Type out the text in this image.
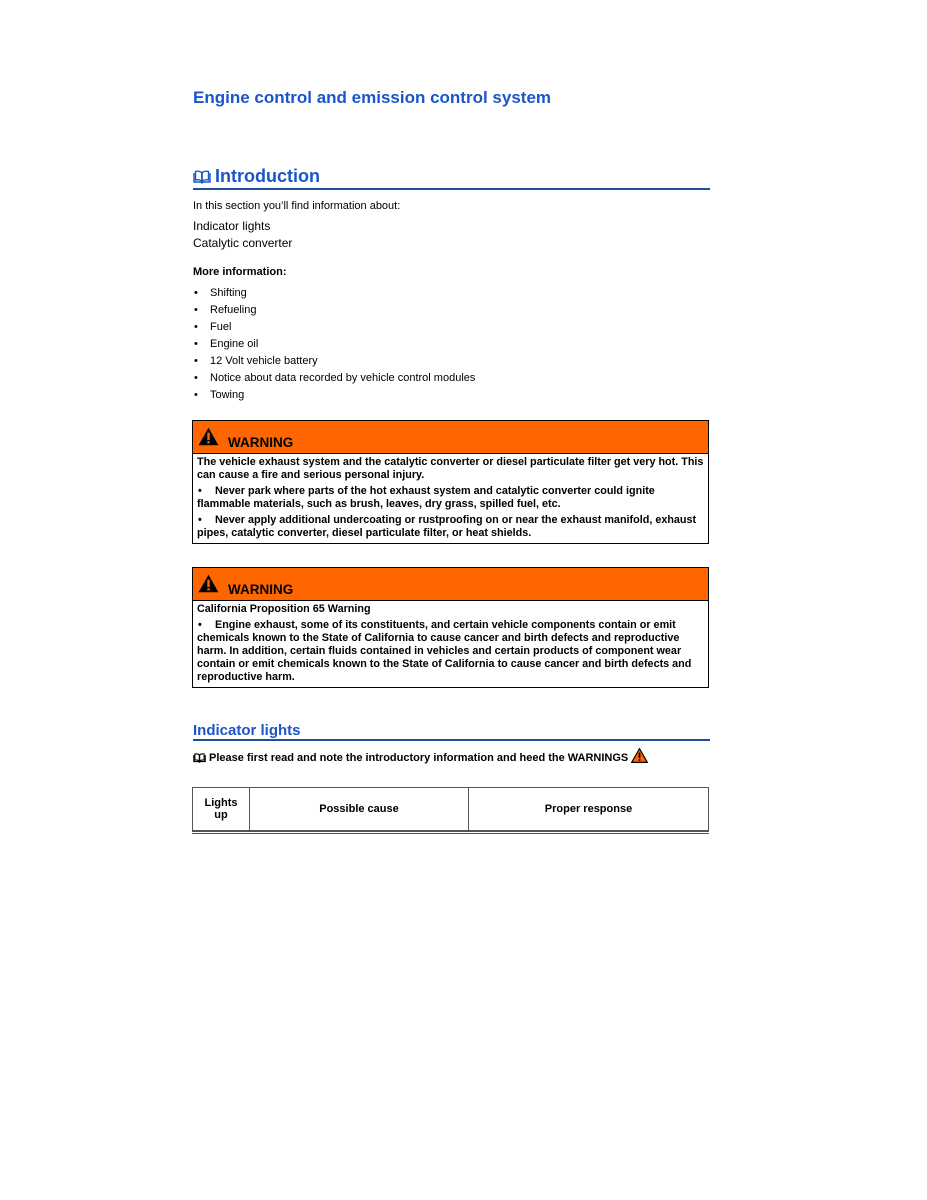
Engine control and emission control system
Introduction

In this section you’ll find information about:

Indicator lights

Catalytic converter

More information:

• Shifting
• Refueling
• Fuel
• Engine oil
• 12 Volt vehicle battery
• Notice about data recorded by vehicle control modules
• Towing
WARNING

The vehicle exhaust system and the catalytic converter or diesel particulate filter get very hot. This can cause a fire and serious personal injury.

• Never park where parts of the hot exhaust system and catalytic converter could ignite flammable materials, such as brush, leaves, dry grass, spilled fuel, etc.

• Never apply additional undercoating or rustproofing on or near the exhaust manifold, exhaust pipes, catalytic converter, diesel particulate filter, or heat shields.

WARNING

California Proposition 65 Warning

• Engine exhaust, some of its constituents, and certain vehicle components contain or emit chemicals known to the State of California to cause cancer and birth defects and reproductive harm. In addition, certain fluids contained in vehicles and certain products of component wear contain or emit chemicals known to the State of California to cause cancer and birth defects and reproductive harm.

Indicator lights

Please first read and note the introductory information and heed the WARNINGS

Lights up	Possible cause	Proper response
